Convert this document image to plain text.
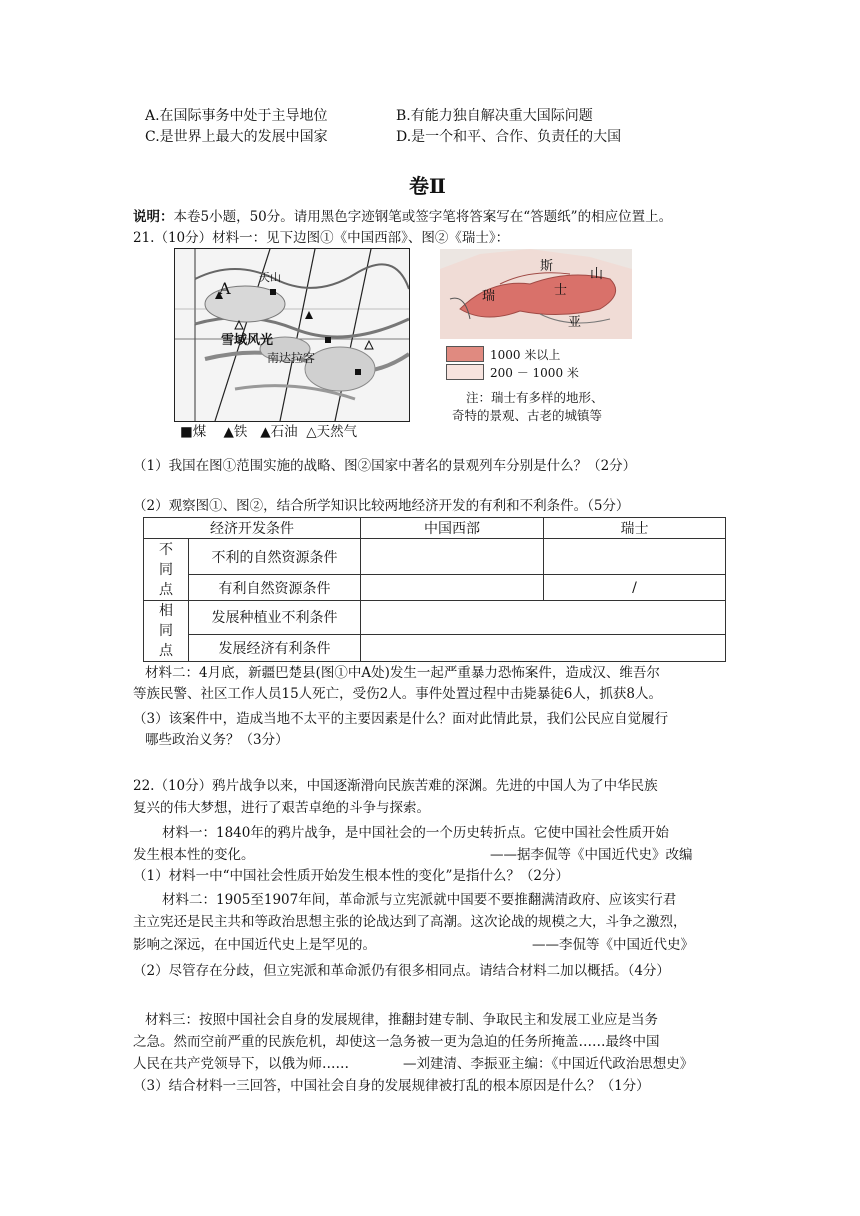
A.在国际事务中处于主导地位	B.有能力独自解决重大国际问题
C.是世界上最大的发展中国家	D.是一个和平、合作、负责任的大国
卷Ⅱ
说明：本卷5小题，50分。请用黑色字迹钢笔或签字笔将答案写在“答题纸”的相应位置上。
21.（10分）材料一：见下边图①《中国西部》、图②《瑞士》：
天山
A
雪域风光
南达拉客
■煤 ▲铁 ▲石油 △天然气
瑞	士
斯
山
亚
1000 米以上
200 － 1000 米
注：瑞士有多样的地形、
奇特的景观、古老的城镇等
（1）我国在图①范围实施的战略、图②国家中著名的景观列车分别是什么？（2分）
（2）观察图①、图②，结合所学知识比较两地经济开发的有利和不利条件。（5分）
经济开发条件		中国西部	瑞士
不
同
点	不利的自然资源条件		
	有利自然资源条件		/
相
同
点	发展种植业不利条件		
	发展经济有利条件		
材料二：4月底，新疆巴楚县(图①中A处)发生一起严重暴力恐怖案件，造成汉、维吾尔
等族民警、社区工作人员15人死亡，受伤2人。事件处置过程中击毙暴徒6人，抓获8人。
（3）该案件中，造成当地不太平的主要因素是什么？面对此情此景，我们公民应自觉履行
哪些政治义务？（3分）
22.（10分）鸦片战争以来，中国逐渐滑向民族苦难的深渊。先进的中国人为了中华民族
复兴的伟大梦想，进行了艰苦卓绝的斗争与探索。
材料一：1840年的鸦片战争，是中国社会的一个历史转折点。它使中国社会性质开始
发生根本性的变化。	——据李侃等《中国近代史》改编
（1）材料一中“中国社会性质开始发生根本性的变化”是指什么？（2分）
材料二：1905至1907年间，革命派与立宪派就中国要不要推翻满清政府、应该实行君
主立宪还是民主共和等政治思想主张的论战达到了高潮。这次论战的规模之大，斗争之激烈，
影响之深远，在中国近代史上是罕见的。	——李侃等《中国近代史》
（2）尽管存在分歧，但立宪派和革命派仍有很多相同点。请结合材料二加以概括。（4分）
材料三：按照中国社会自身的发展规律，推翻封建专制、争取民主和发展工业应是当务
之急。然而空前严重的民族危机，却使这一急务被一更为急迫的任务所掩盖……最终中国
人民在共产党领导下，以俄为师……	—刘建清、李振亚主编：《中国近代政治思想史》
（3）结合材料一三回答，中国社会自身的发展规律被打乱的根本原因是什么？（1分）
